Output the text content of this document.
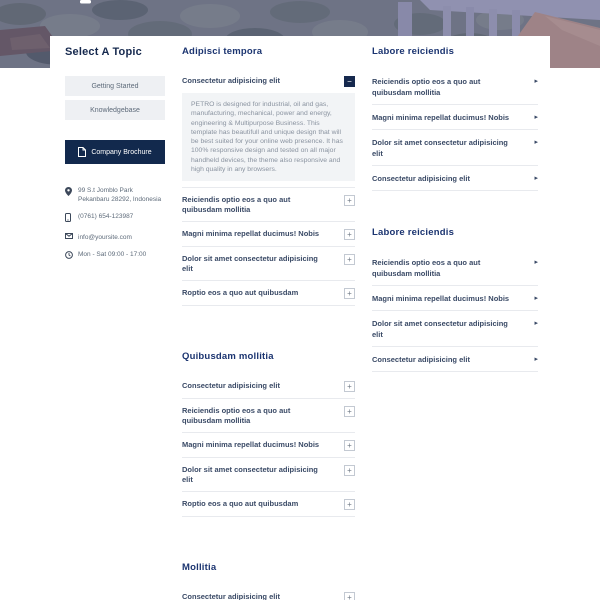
Select A Topic
Getting Started
Knowledgebase
Company Brochure
99 S.t Jomblo Park Pekanbaru 28292, Indonesia
(0761) 654-123987
info@yoursite.com
Mon - Sat 09:00 - 17:00
Adipisci tempora
Consectetur adipisicing elit	−
PETRO is designed for industrial, oil and gas, manufacturing, mechanical, power and energy, engineering & Multipurpose Business. This template has beautifull and unique design that will be best suited for your online web presence. It has 100% responsive design and tested on all major handheld devices, the theme also responsive and high quality in any browsers.
Reiciendis optio eos a quo aut quibusdam mollitia
+
Magni minima repellat ducimus! Nobis	+
Dolor sit amet consectetur adipisicing elit
+
Roptio eos a quo aut quibusdam	+
Quibusdam mollitia
Consectetur adipisicing elit	+
Reiciendis optio eos a quo aut quibusdam mollitia
+
Magni minima repellat ducimus! Nobis	+
Dolor sit amet consectetur adipisicing elit
+
Roptio eos a quo aut quibusdam	+
Mollitia
Consectetur adipisicing elit	+
Labore reiciendis
Reiciendis optio eos a quo aut quibusdam mollitia
▸
Magni minima repellat ducimus! Nobis	▸
Dolor sit amet consectetur adipisicing elit
▸
Consectetur adipisicing elit	▸
Labore reiciendis
Reiciendis optio eos a quo aut quibusdam mollitia
▸
Magni minima repellat ducimus! Nobis	▸
Dolor sit amet consectetur adipisicing elit
▸
Consectetur adipisicing elit	▸
